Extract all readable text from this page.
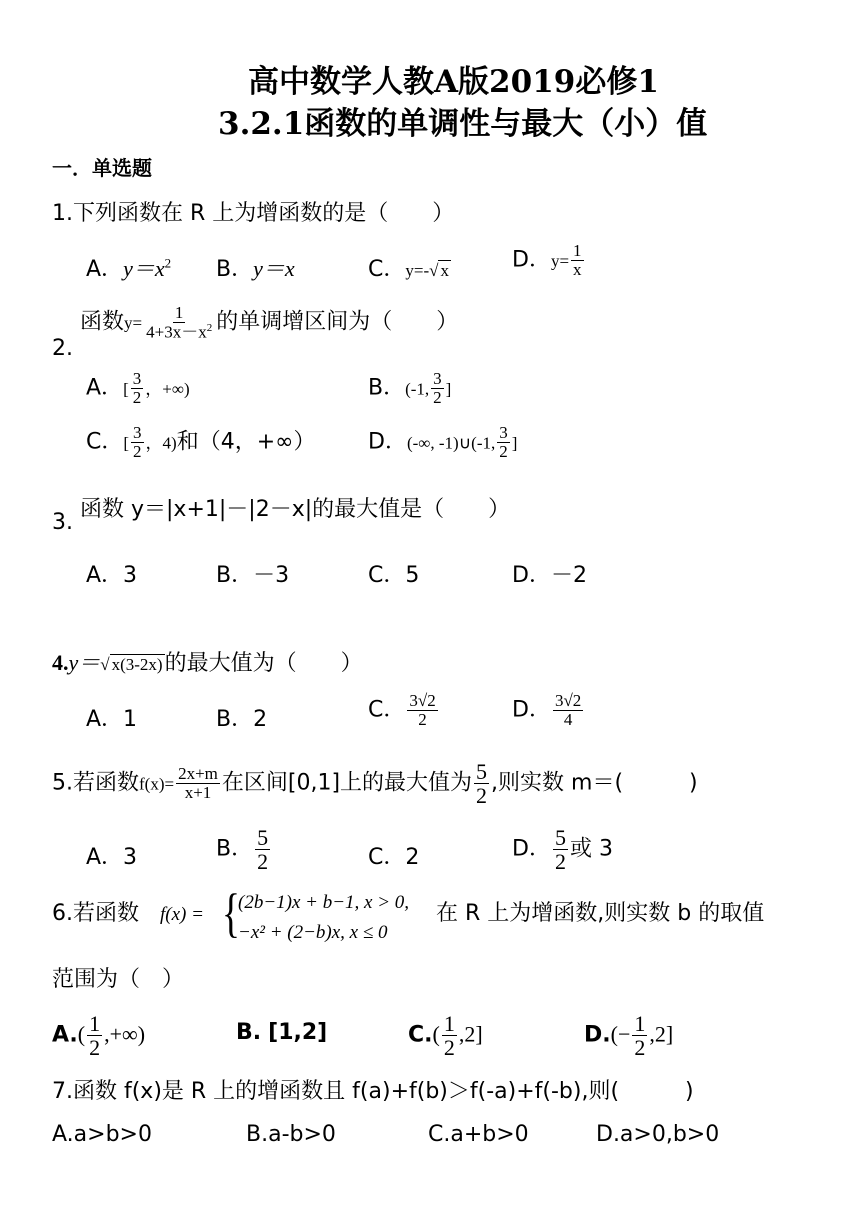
高中数学人教A版2019必修1
3.2.1函数的单调性与最大（小）值
一．单选题
1.下列函数在 R 上为增函数的是（　　）
A．$y=x^2$ B．y＝x	C．y=-√ x	D．$y= \frac{1}{x}$
2.
函数$y= \frac{1}{4+3x-x^2}$ 的单调增区间为（　　）
A．[ $\frac{3}{2}$ ，+∞)	B．(-1, $\frac{3}{2}$ ]
C．[ $\frac{3}{2}$ ，4)和（4，+∞） D．(-∞, -1)∪(-1, $\frac{3}{2}$ ]
3.
函数 y＝|x+1|－|2－x|的最大值是（　　）
A．3	B．－3	C．5	D．－2
4.y＝√ x(3-2x)的最大值为（　　）
A．1	B．2	C． $\frac{3√2}{2}$	D． $\frac{3√2}{4}$
5.若函数$f(x)= \frac{2x+m}{x+1}$ 在区间[0,1]上的最大值为 $\frac{5}{2}$ ,则实数 m＝(　　　)
A．3	B． $\frac{5}{2}$	C．2	D． $\frac{5}{2}$ 或 3
6.若函数 f(x) = {
(2b−1)x + b−1, x > 0,
−x² + (2−b)x, x ≤ 0
在 R 上为增函数,则实数 b 的取值
范围为（　）
$A.( \frac{1}{2}$ ,+∞)	B. [1,2]	$C.( \frac{1}{2} ,2]$	$D.(- \frac{1}{2} ,2]$
7.函数 f(x)是 R 上的增函数且 f(a)+f(b)＞f(-a)+f(-b),则(　　　)
A.a>b>0	B.a-b>0	C.a+b>0	D.a>0,b>0
